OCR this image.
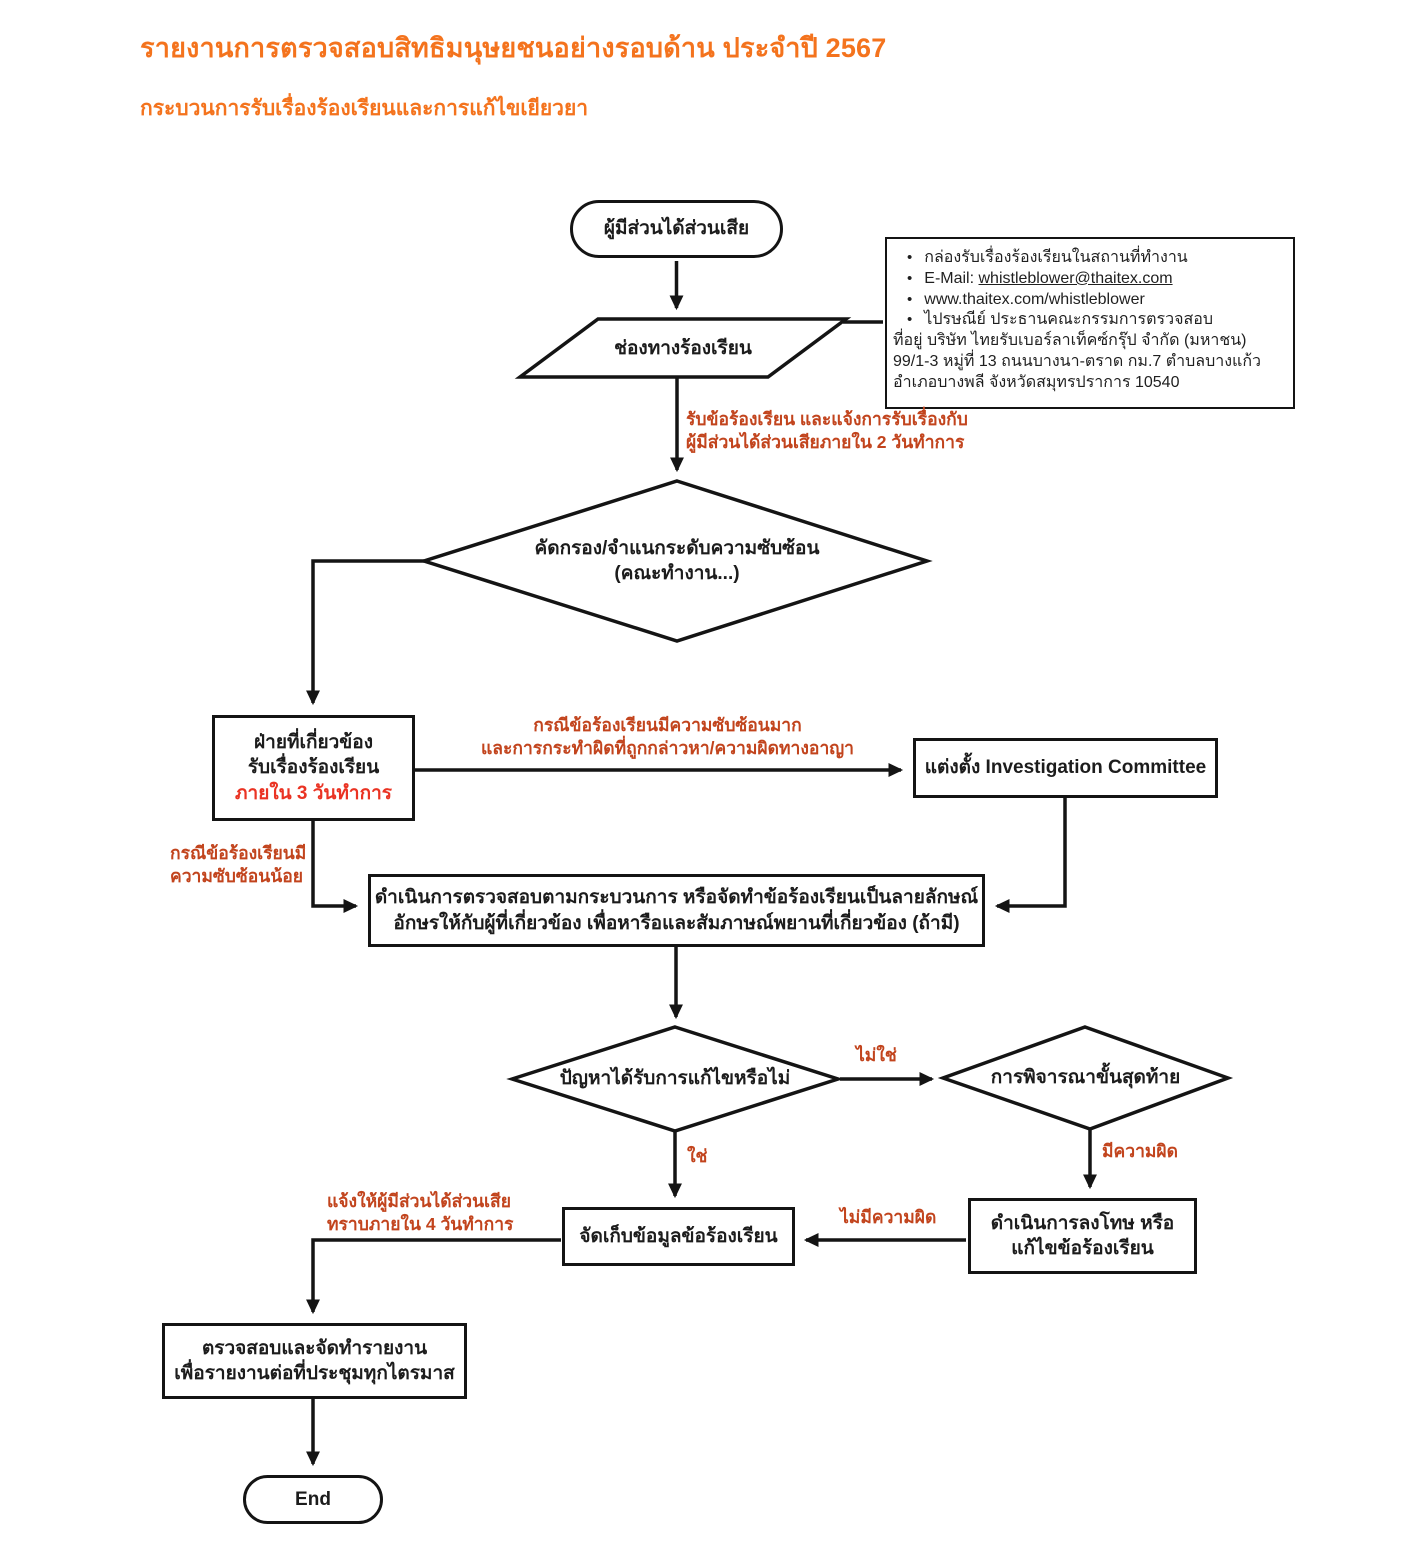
รายงานการตรวจสอบสิทธิมนุษยชนอย่างรอบด้าน ประจำปี 2567
กระบวนการรับเรื่องร้องเรียนและการแก้ไขเยียวยา
ผู้มีส่วนได้ส่วนเสีย
ช่องทางร้องเรียน
• กล่องรับเรื่องร้องเรียนในสถานที่ทำงาน
• E-Mail: whistleblower@thaitex.com
• www.thaitex.com/whistleblower
• ไปรษณีย์ ประธานคณะกรรมการตรวจสอบ
ที่อยู่ บริษัท ไทยรับเบอร์ลาเท็คซ์กรุ๊ป จำกัด (มหาชน)
99/1-3 หมู่ที่ 13 ถนนบางนา-ตราด กม.7 ตำบลบางแก้ว
อำเภอบางพลี จังหวัดสมุทรปราการ 10540
รับข้อร้องเรียน และแจ้งการรับเรื่องกับ
ผู้มีส่วนได้ส่วนเสียภายใน 2 วันทำการ
คัดกรอง/จำแนกระดับความซับซ้อน
(คณะทำงาน...)
ฝ่ายที่เกี่ยวข้อง
รับเรื่องร้องเรียน
ภายใน 3 วันทำการ
กรณีข้อร้องเรียนมีความซับซ้อนมาก
และการกระทำผิดที่ถูกกล่าวหา/ความผิดทางอาญา
แต่งตั้ง Investigation Committee
กรณีข้อร้องเรียนมี
ความซับซ้อนน้อย
ดำเนินการตรวจสอบตามกระบวนการ หรือจัดทำข้อร้องเรียนเป็นลายลักษณ์
อักษรให้กับผู้ที่เกี่ยวข้อง เพื่อหารือและสัมภาษณ์พยานที่เกี่ยวข้อง (ถ้ามี)
ปัญหาได้รับการแก้ไขหรือไม่	การพิจารณาขั้นสุดท้าย
ไม่ใช่
ใช่	มีความผิด
ไม่มีความผิด
จัดเก็บข้อมูลข้อร้องเรียน
ดำเนินการลงโทษ หรือ
แก้ไขข้อร้องเรียน
แจ้งให้ผู้มีส่วนได้ส่วนเสีย
ทราบภายใน 4 วันทำการ
ตรวจสอบและจัดทำรายงาน
เพื่อรายงานต่อที่ประชุมทุกไตรมาส
End
